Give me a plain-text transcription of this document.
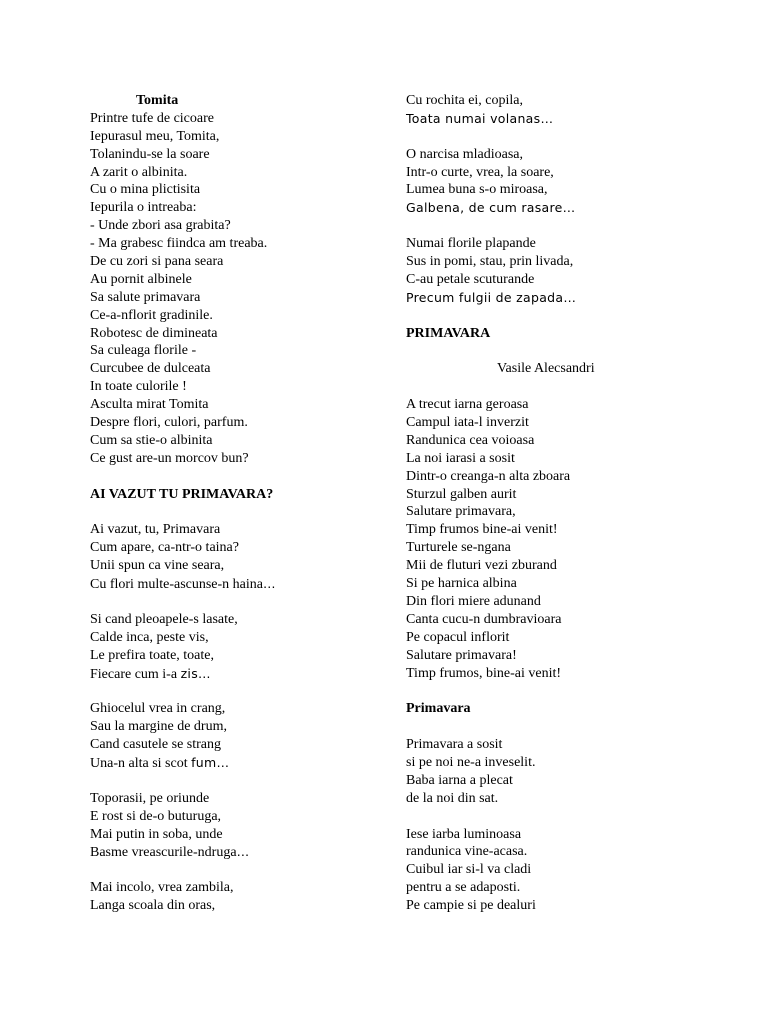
Tomita
Printre tufe de cicoare
Iepurasul meu, Tomita,
Tolanindu-se la soare
A zarit o albinita.
Cu o mina plictisita
Iepurila o intreaba:
- Unde zbori asa grabita?
- Ma grabesc fiindca am treaba.
De cu zori si pana seara
Au pornit albinele
Sa salute primavara
Ce-a-nflorit gradinile.
Robotesc de dimineata
Sa culeaga florile -
Curcubee de dulceata
In toate culorile !
Asculta mirat Tomita
Despre flori, culori, parfum.
Cum sa stie-o albinita
Ce gust are-un morcov bun?
AI VAZUT TU PRIMAVARA?
Ai vazut, tu, Primavara
Cum apare, ca-ntr-o taina?
Unii spun ca vine seara,
Cu flori multe-ascunse-n haina…
Si cand pleoapele-s lasate,
Calde inca, peste vis,
Le prefira toate, toate,
Fiecare cum i-a zis…
Ghiocelul vrea in crang,
Sau la margine de drum,
Cand casutele se strang
Una-n alta si scot fum…
Toporasii, pe oriunde
E rost si de-o buturuga,
Mai putin in soba, unde
Basme vreascurile-ndruga…
Mai incolo, vrea zambila,
Langa scoala din oras,
Cu rochita ei, copila,
Toata numai volanas…
O narcisa mladioasa,
Intr-o curte, vrea, la soare,
Lumea buna s-o miroasa,
Galbena, de cum rasare…
Numai florile plapande
Sus in pomi, stau, prin livada,
C-au petale scuturande
Precum fulgii de zapada…
PRIMAVARA
Vasile Alecsandri
A trecut iarna geroasa
Campul iata-l inverzit
Randunica cea voioasa
La noi iarasi a sosit
Dintr-o creanga-n alta zboara
Sturzul galben aurit
Salutare primavara,
Timp frumos bine-ai venit!
Turturele se-ngana
Mii de fluturi vezi zburand
Si pe harnica albina
Din flori miere adunand
Canta cucu-n dumbravioara
Pe copacul inflorit
Salutare primavara!
Timp frumos, bine-ai venit!
Primavara
Primavara a sosit
si pe noi ne-a inveselit.
Baba iarna a plecat
de la noi din sat.
Iese iarba luminoasa
randunica vine-acasa.
Cuibul iar si-l va cladi
pentru a se adaposti.
Pe campie si pe dealuri
